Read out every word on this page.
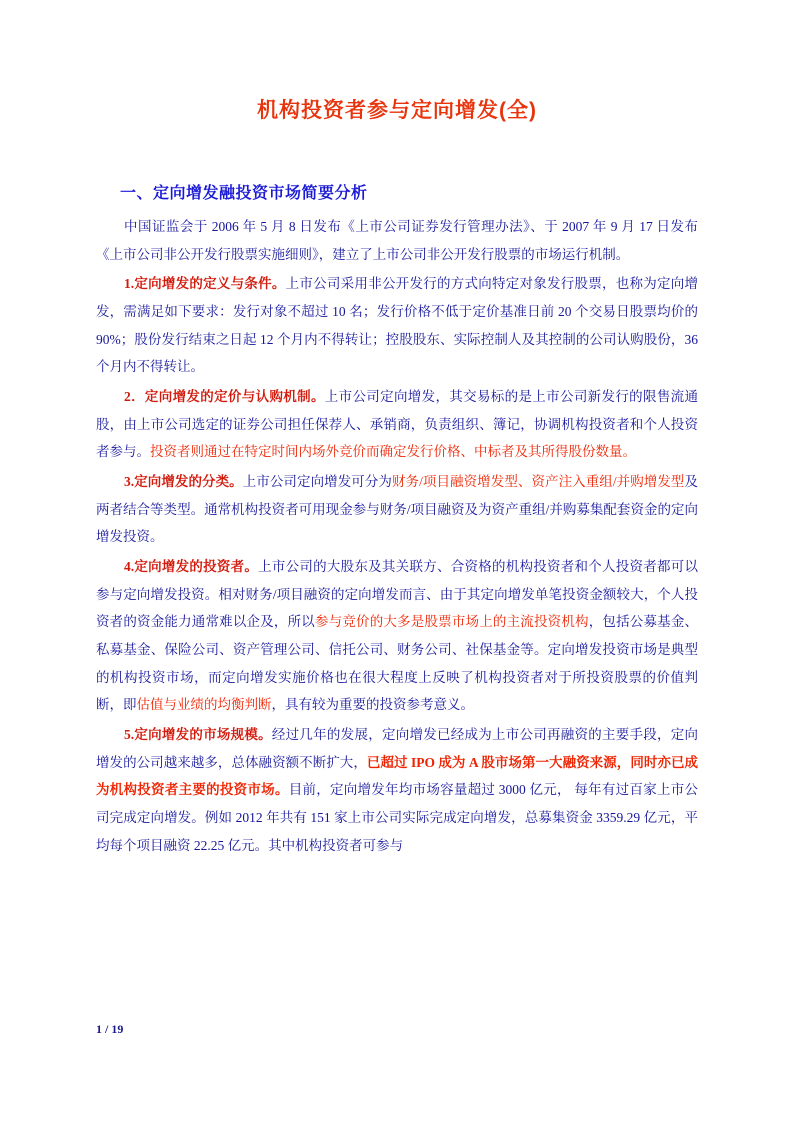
机构投资者参与定向增发(全)
一、定向增发融投资市场简要分析

中国证监会于 2006 年 5 月 8 日发布《上市公司证券发行管理办法》、于 2007 年 9 月 17 日发布《上市公司非公开发行股票实施细则》，建立了上市公司非公开发行股票的市场运行机制。

1.定向增发的定义与条件。上市公司采用非公开发行的方式向特定对象发行股票，也称为定向增发，需满足如下要求：发行对象不超过 10 名；发行价格不低于定价基准日前 20 个交易日股票均价的 90%；股份发行结束之日起 12 个月内不得转让；控股股东、实际控制人及其控制的公司认购股份，36 个月内不得转让。

2．定向增发的定价与认购机制。上市公司定向增发，其交易标的是上市公司新发行的限售流通股，由上市公司选定的证券公司担任保荐人、承销商，负责组织、簿记，协调机构投资者和个人投资者参与。投资者则通过在特定时间内场外竞价而确定发行价格、中标者及其所得股份数量。

3.定向增发的分类。上市公司定向增发可分为财务/项目融资增发型、资产注入重组/并购增发型及两者结合等类型。通常机构投资者可用现金参与财务/项目融资及为资产重组/并购募集配套资金的定向增发投资。

4.定向增发的投资者。上市公司的大股东及其关联方、合资格的机构投资者和个人投资者都可以参与定向增发投资。相对财务/项目融资的定向增发而言、由于其定向增发单笔投资金额较大，个人投资者的资金能力通常难以企及，所以参与竞价的大多是股票市场上的主流投资机构，包括公募基金、私募基金、保险公司、资产管理公司、信托公司、财务公司、社保基金等。定向增发投资市场是典型的机构投资市场，而定向增发实施价格也在很大程度上反映了机构投资者对于所投资股票的价值判断，即估值与业绩的均衡判断，具有较为重要的投资参考意义。

5.定向增发的市场规模。经过几年的发展，定向增发已经成为上市公司再融资的主要手段，定向增发的公司越来越多，总体融资额不断扩大，已超过 IPO 成为 A 股市场第一大融资来源，同时亦已成为机构投资者主要的投资市场。目前，定向增发年均市场容量超过 3000 亿元， 每年有过百家上市公司完成定向增发。例如 2012 年共有 151 家上市公司实际完成定向增发，总募集资金 3359.29 亿元，平均每个项目融资 22.25 亿元。其中机构投资者可参与

1 / 19
